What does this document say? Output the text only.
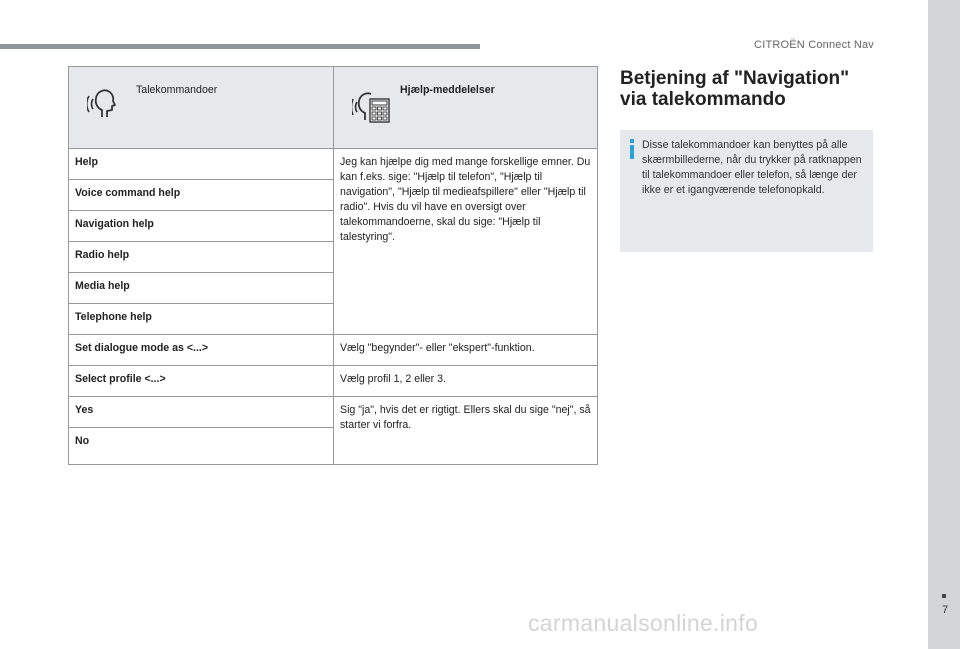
CITROËN Connect Nav
7
Talekommandoer	Hjælp-meddelelser

Help	Jeg kan hjælpe dig med mange forskellige emner. Du kan f.eks. sige: "Hjælp til telefon", "Hjælp til navigation", "Hjælp til medieafspillere" eller "Hjælp til radio". Hvis du vil have en oversigt over talekommandoerne, skal du sige: "Hjælp til talestyring".
Voice command help	
Navigation help	
Radio help	
Media help	
Telephone help	
Set dialogue mode as <...>	Vælg "begynder"- eller "ekspert"-funktion.
Select profile <...>	Vælg profil 1, 2 eller 3.
Yes	Sig "ja", hvis det er rigtigt. Ellers skal du sige "nej", så starter vi forfra.
No	
Betjening af "Navigation" via talekommando
Disse talekommandoer kan benyttes på alle skærmbillederne, når du trykker på ratknappen til talekommandoer eller telefon, så længe der ikke er et igangværende telefonopkald.
carmanualsonline.info
